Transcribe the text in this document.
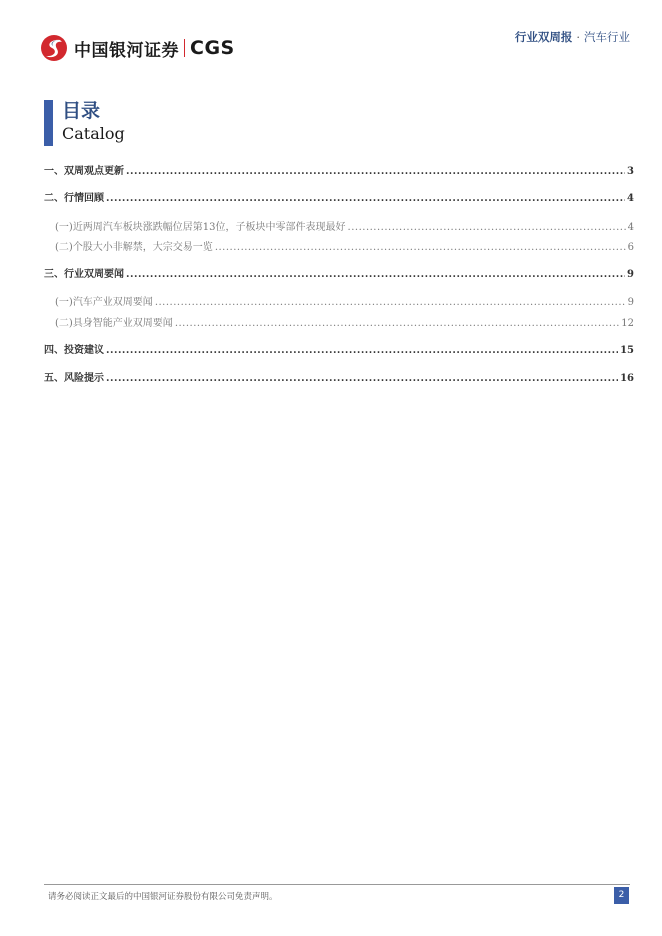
中国银河证券 CGS	行业双周报 · 汽车行业
目录
Catalog
一、 双周观点更新 .....	3
二、 行情回顾 .....	4
(一) 近两周汽车板块涨跌幅位居第13位，子板块中零部件表现最好 .....	4
(二) 个股大小非解禁，大宗交易一览 .....	6
三、 行业双周要闻 .....	9
(一) 汽车产业双周要闻 .....	9
(二) 具身智能产业双周要闻 .....	12
四、 投资建议 .....	15
五、 风险提示 .....	16
请务必阅读正文最后的中国银河证券股份有限公司免责声明。	2
